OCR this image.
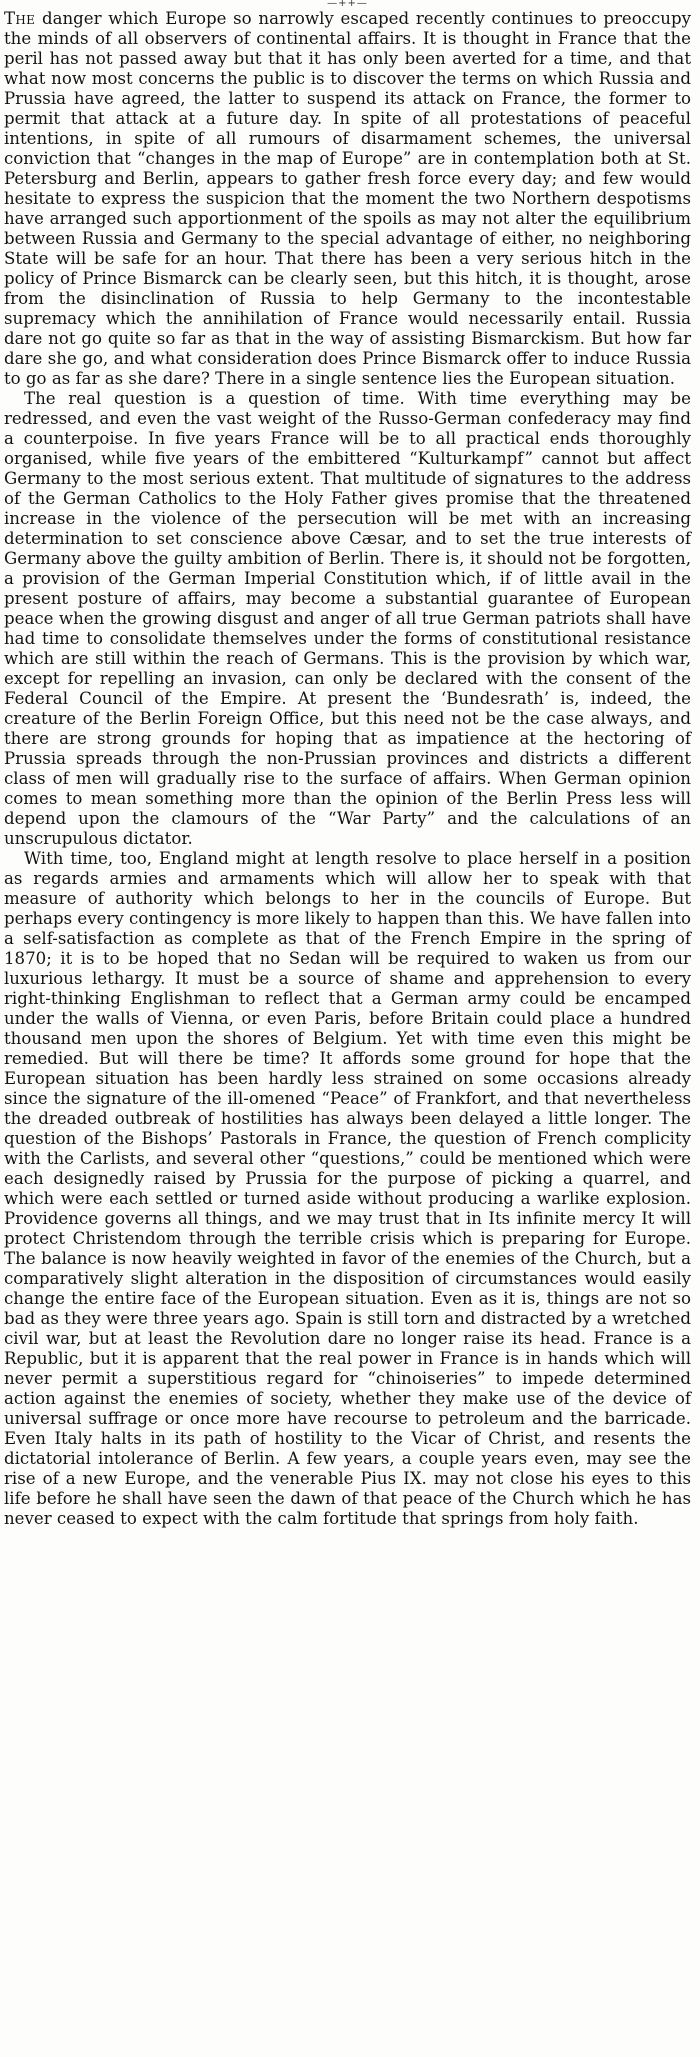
—++—

The danger which Europe so narrowly escaped recently continues to preoccupy the minds of all observers of continental affairs. It is thought in France that the peril has not passed away but that it has only been averted for a time, and that what now most concerns the public is to discover the terms on which Russia and Prussia have agreed, the latter to suspend its attack on France, the former to permit that attack at a future day. In spite of all protestations of peaceful intentions, in spite of all rumours of disarmament schemes, the universal conviction that “changes in the map of Europe” are in contemplation both at St. Petersburg and Berlin, appears to gather fresh force every day; and few would hesitate to express the suspicion that the moment the two Northern despotisms have arranged such apportionment of the spoils as may not alter the equilibrium between Russia and Germany to the special advantage of either, no neighboring State will be safe for an hour. That there has been a very serious hitch in the policy of Prince Bismarck can be clearly seen, but this hitch, it is thought, arose from the disinclination of Russia to help Germany to the incontestable supremacy which the annihilation of France would necessarily entail. Russia dare not go quite so far as that in the way of assisting Bismarckism. But how far dare she go, and what consideration does Prince Bismarck offer to induce Russia to go as far as she dare? There in a single sentence lies the European situation.

The real question is a question of time. With time everything may be redressed, and even the vast weight of the Russo-German confederacy may find a counterpoise. In five years France will be to all practical ends thoroughly organised, while five years of the embittered “Kulturkampf” cannot but affect Germany to the most serious extent. That multitude of signatures to the address of the German Catholics to the Holy Father gives promise that the threatened increase in the violence of the persecution will be met with an increasing determination to set conscience above Cæsar, and to set the true interests of Germany above the guilty ambition of Berlin. There is, it should not be forgotten, a provision of the German Imperial Constitution which, if of little avail in the present posture of affairs, may become a substantial guarantee of European peace when the growing disgust and anger of all true German patriots shall have had time to consolidate themselves under the forms of constitutional resistance which are still within the reach of Germans. This is the provision by which war, except for repelling an invasion, can only be declared with the consent of the Federal Council of the Empire. At present the ‘Bundesrath’ is, indeed, the creature of the Berlin Foreign Office, but this need not be the case always, and there are strong grounds for hoping that as impatience at the hectoring of Prussia spreads through the non-Prussian provinces and districts a different class of men will gradually rise to the surface of affairs. When German opinion comes to mean something more than the opinion of the Berlin Press less will depend upon the clamours of the “War Party” and the calculations of an unscrupulous dictator.

With time, too, England might at length resolve to place herself in a position as regards armies and armaments which will allow her to speak with that measure of authority which belongs to her in the councils of Europe. But perhaps every contingency is more likely to happen than this. We have fallen into a self-satisfaction as complete as that of the French Empire in the spring of 1870; it is to be hoped that no Sedan will be required to waken us from our luxurious lethargy. It must be a source of shame and apprehension to every right-thinking Englishman to reflect that a German army could be encamped under the walls of Vienna, or even Paris, before Britain could place a hundred thousand men upon the shores of Belgium. Yet with time even this might be remedied. But will there be time? It affords some ground for hope that the European situation has been hardly less strained on some occasions already since the signature of the ill-omened “Peace” of Frankfort, and that nevertheless the dreaded outbreak of hostilities has always been delayed a little longer. The question of the Bishops’ Pastorals in France, the question of French complicity with the Carlists, and several other “questions,” could be mentioned which were each designedly raised by Prussia for the purpose of picking a quarrel, and which were each settled or turned aside without producing a warlike explosion. Providence governs all things, and we may trust that in Its infinite mercy It will protect Christendom through the terrible crisis which is preparing for Europe. The balance is now heavily weighted in favor of the enemies of the Church, but a comparatively slight alteration in the disposition of circumstances would easily change the entire face of the European situation. Even as it is, things are not so bad as they were three years ago. Spain is still torn and distracted by a wretched civil war, but at least the Revolution dare no longer raise its head. France is a Republic, but it is apparent that the real power in France is in hands which will never permit a superstitious regard for “chinoiseries” to impede determined action against the enemies of society, whether they make use of the device of universal suffrage or once more have recourse to petroleum and the barricade. Even Italy halts in its path of hostility to the Vicar of Christ, and resents the dictatorial intolerance of Berlin. A few years, a couple years even, may see the rise of a new Europe, and the venerable Pius IX. may not close his eyes to this life before he shall have seen the dawn of that peace of the Church which he has never ceased to expect with the calm fortitude that springs from holy faith.
